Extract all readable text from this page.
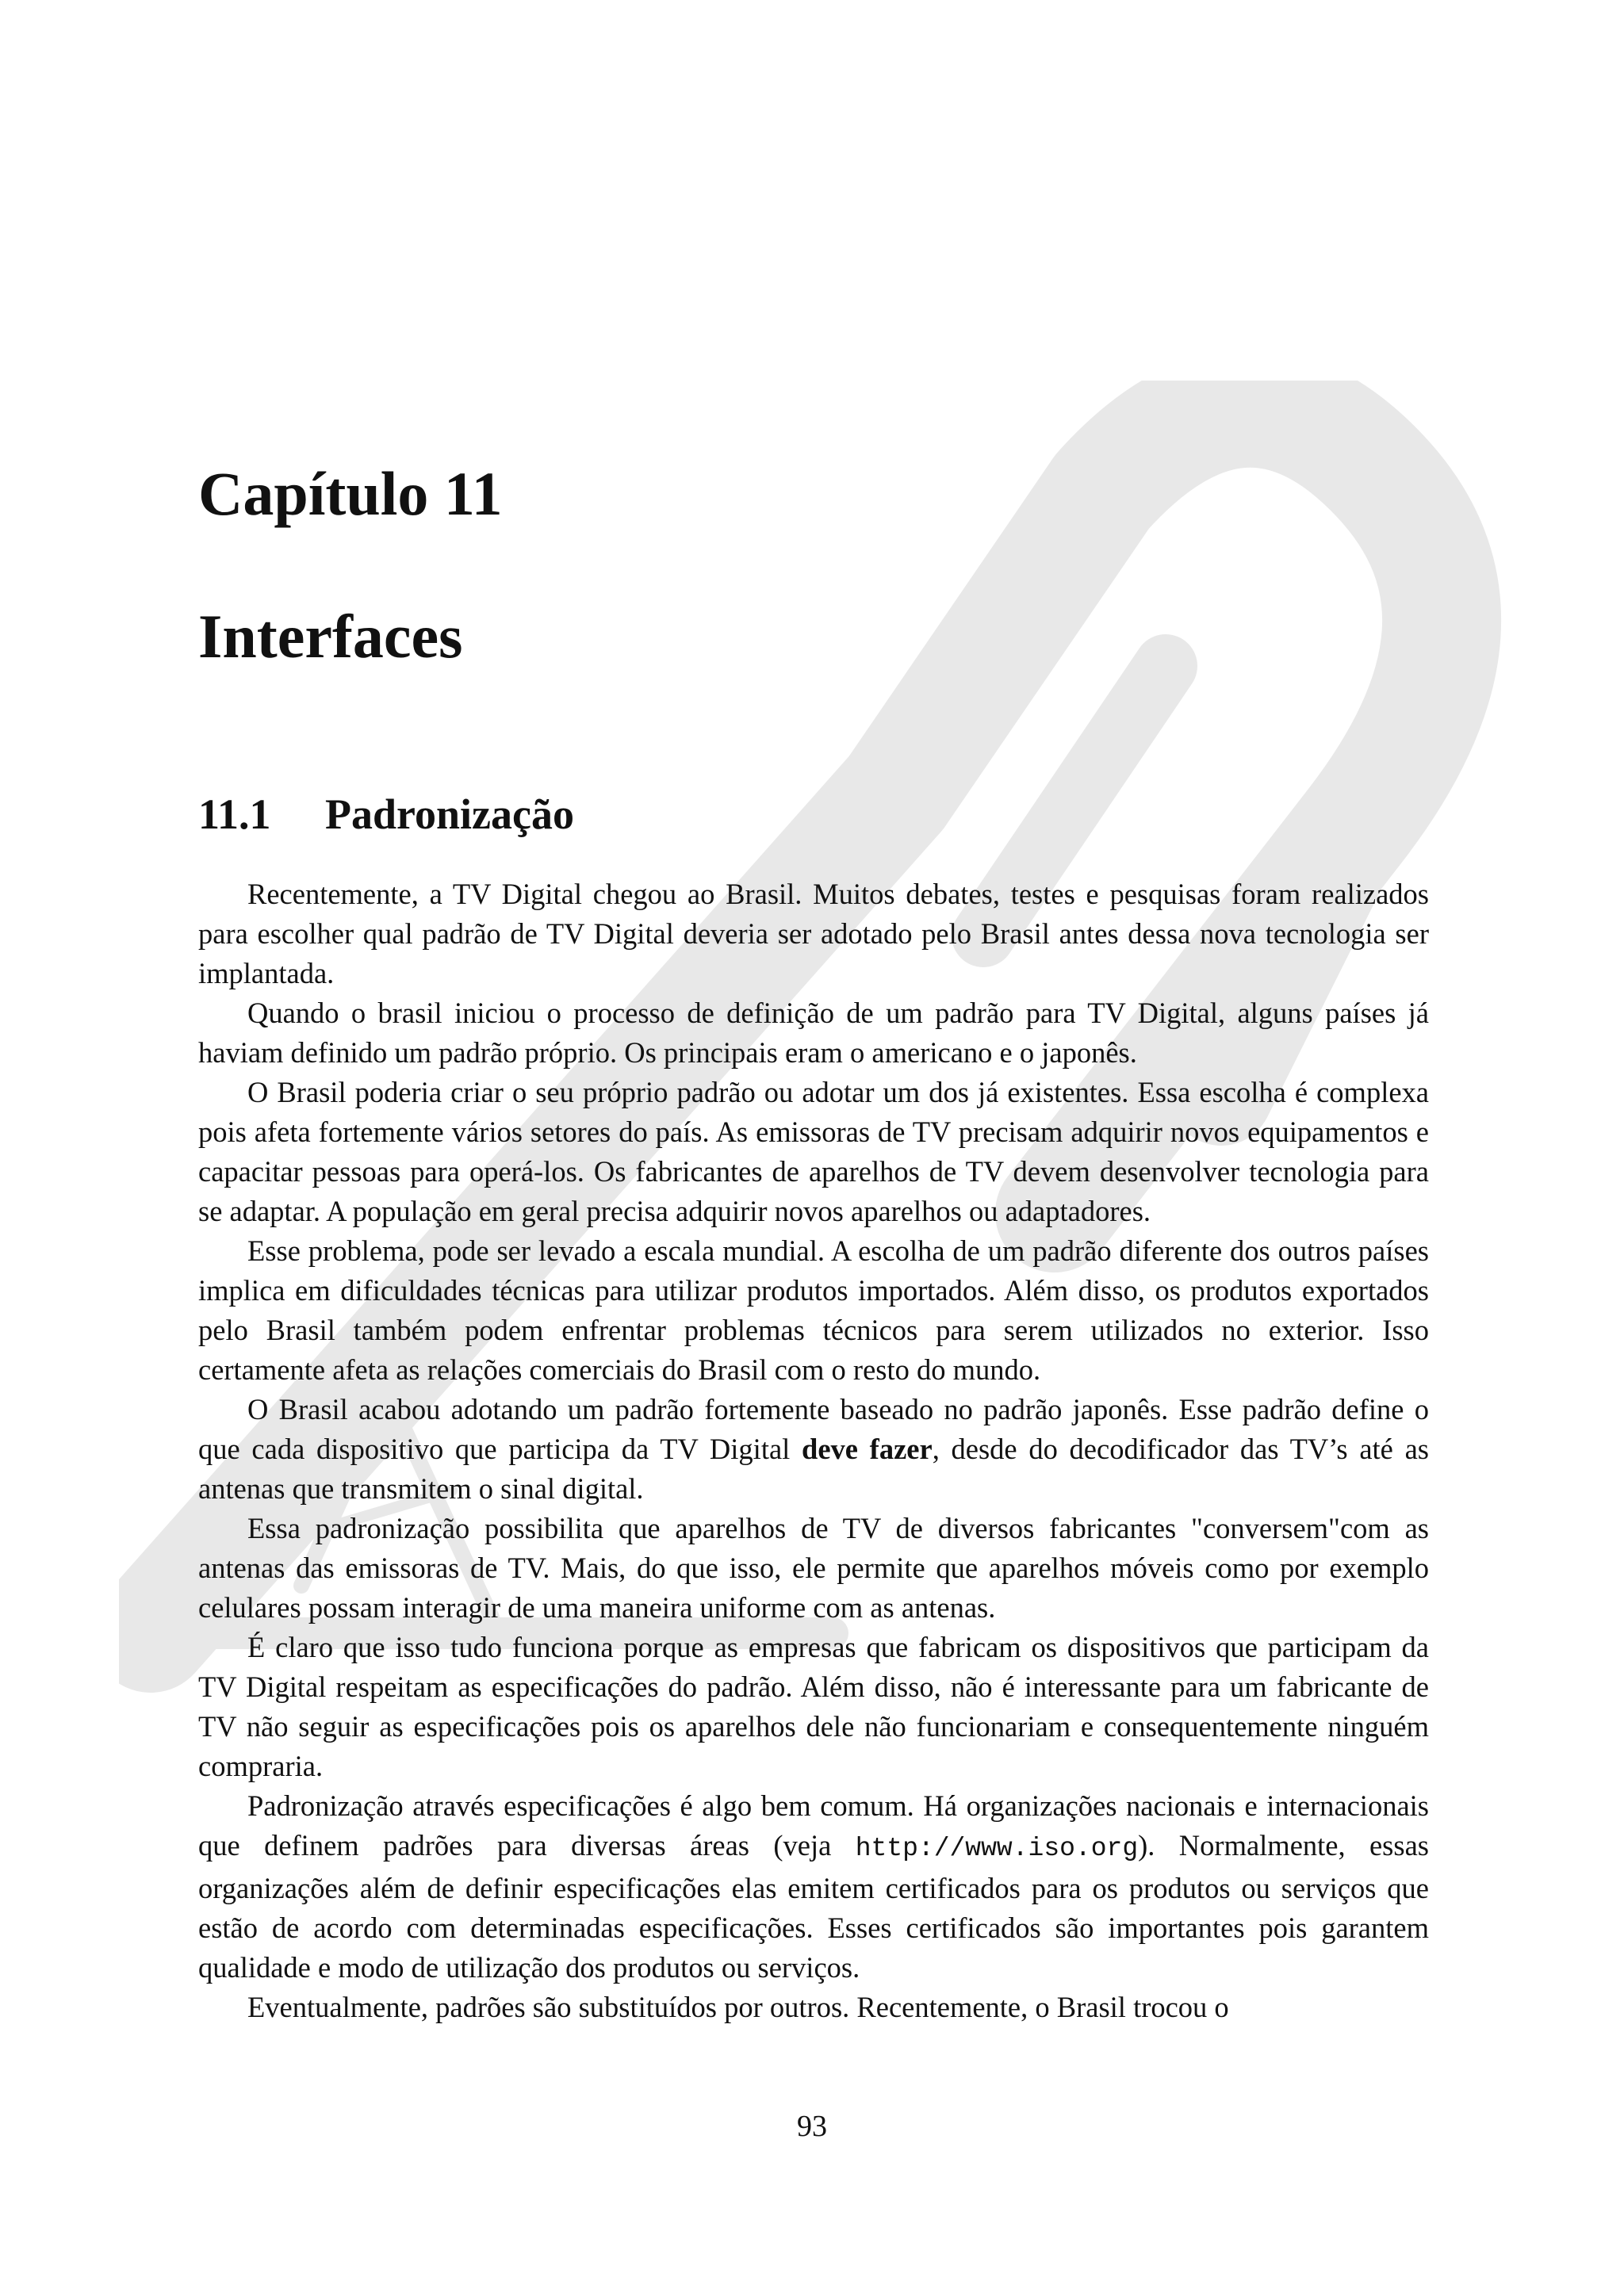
Capítulo 11
Interfaces
11.1 Padronização

Recentemente, a TV Digital chegou ao Brasil. Muitos debates, testes e pesquisas foram realizados para escolher qual padrão de TV Digital deveria ser adotado pelo Brasil antes dessa nova tecnologia ser implantada.

Quando o brasil iniciou o processo de definição de um padrão para TV Digital, alguns países já haviam definido um padrão próprio. Os principais eram o americano e o japonês.

O Brasil poderia criar o seu próprio padrão ou adotar um dos já existentes. Essa escolha é complexa pois afeta fortemente vários setores do país. As emissoras de TV precisam adquirir novos equipamentos e capacitar pessoas para operá-los. Os fabricantes de aparelhos de TV devem desenvolver tecnologia para se adaptar. A população em geral precisa adquirir novos aparelhos ou adaptadores.

Esse problema, pode ser levado a escala mundial. A escolha de um padrão diferente dos outros países implica em dificuldades técnicas para utilizar produtos importados. Além disso, os produtos exportados pelo Brasil também podem enfrentar problemas técnicos para serem utilizados no exterior. Isso certamente afeta as relações comerciais do Brasil com o resto do mundo.

O Brasil acabou adotando um padrão fortemente baseado no padrão japonês. Esse padrão define o que cada dispositivo que participa da TV Digital deve fazer, desde do decodificador das TV’s até as antenas que transmitem o sinal digital.

Essa padronização possibilita que aparelhos de TV de diversos fabricantes "conversem"com as antenas das emissoras de TV. Mais, do que isso, ele permite que aparelhos móveis como por exemplo celulares possam interagir de uma maneira uniforme com as antenas.

É claro que isso tudo funciona porque as empresas que fabricam os dispositivos que participam da TV Digital respeitam as especificações do padrão. Além disso, não é interessante para um fabricante de TV não seguir as especificações pois os aparelhos dele não funcionariam e consequentemente ninguém compraria.

Padronização através especificações é algo bem comum. Há organizações nacionais e internacionais que definem padrões para diversas áreas (veja http://www.iso.org). Normalmente, essas organizações além de definir especificações elas emitem certificados para os produtos ou serviços que estão de acordo com determinadas especificações. Esses certificados são importantes pois garantem qualidade e modo de utilização dos produtos ou serviços.

Eventualmente, padrões são substituídos por outros. Recentemente, o Brasil trocou o

93
